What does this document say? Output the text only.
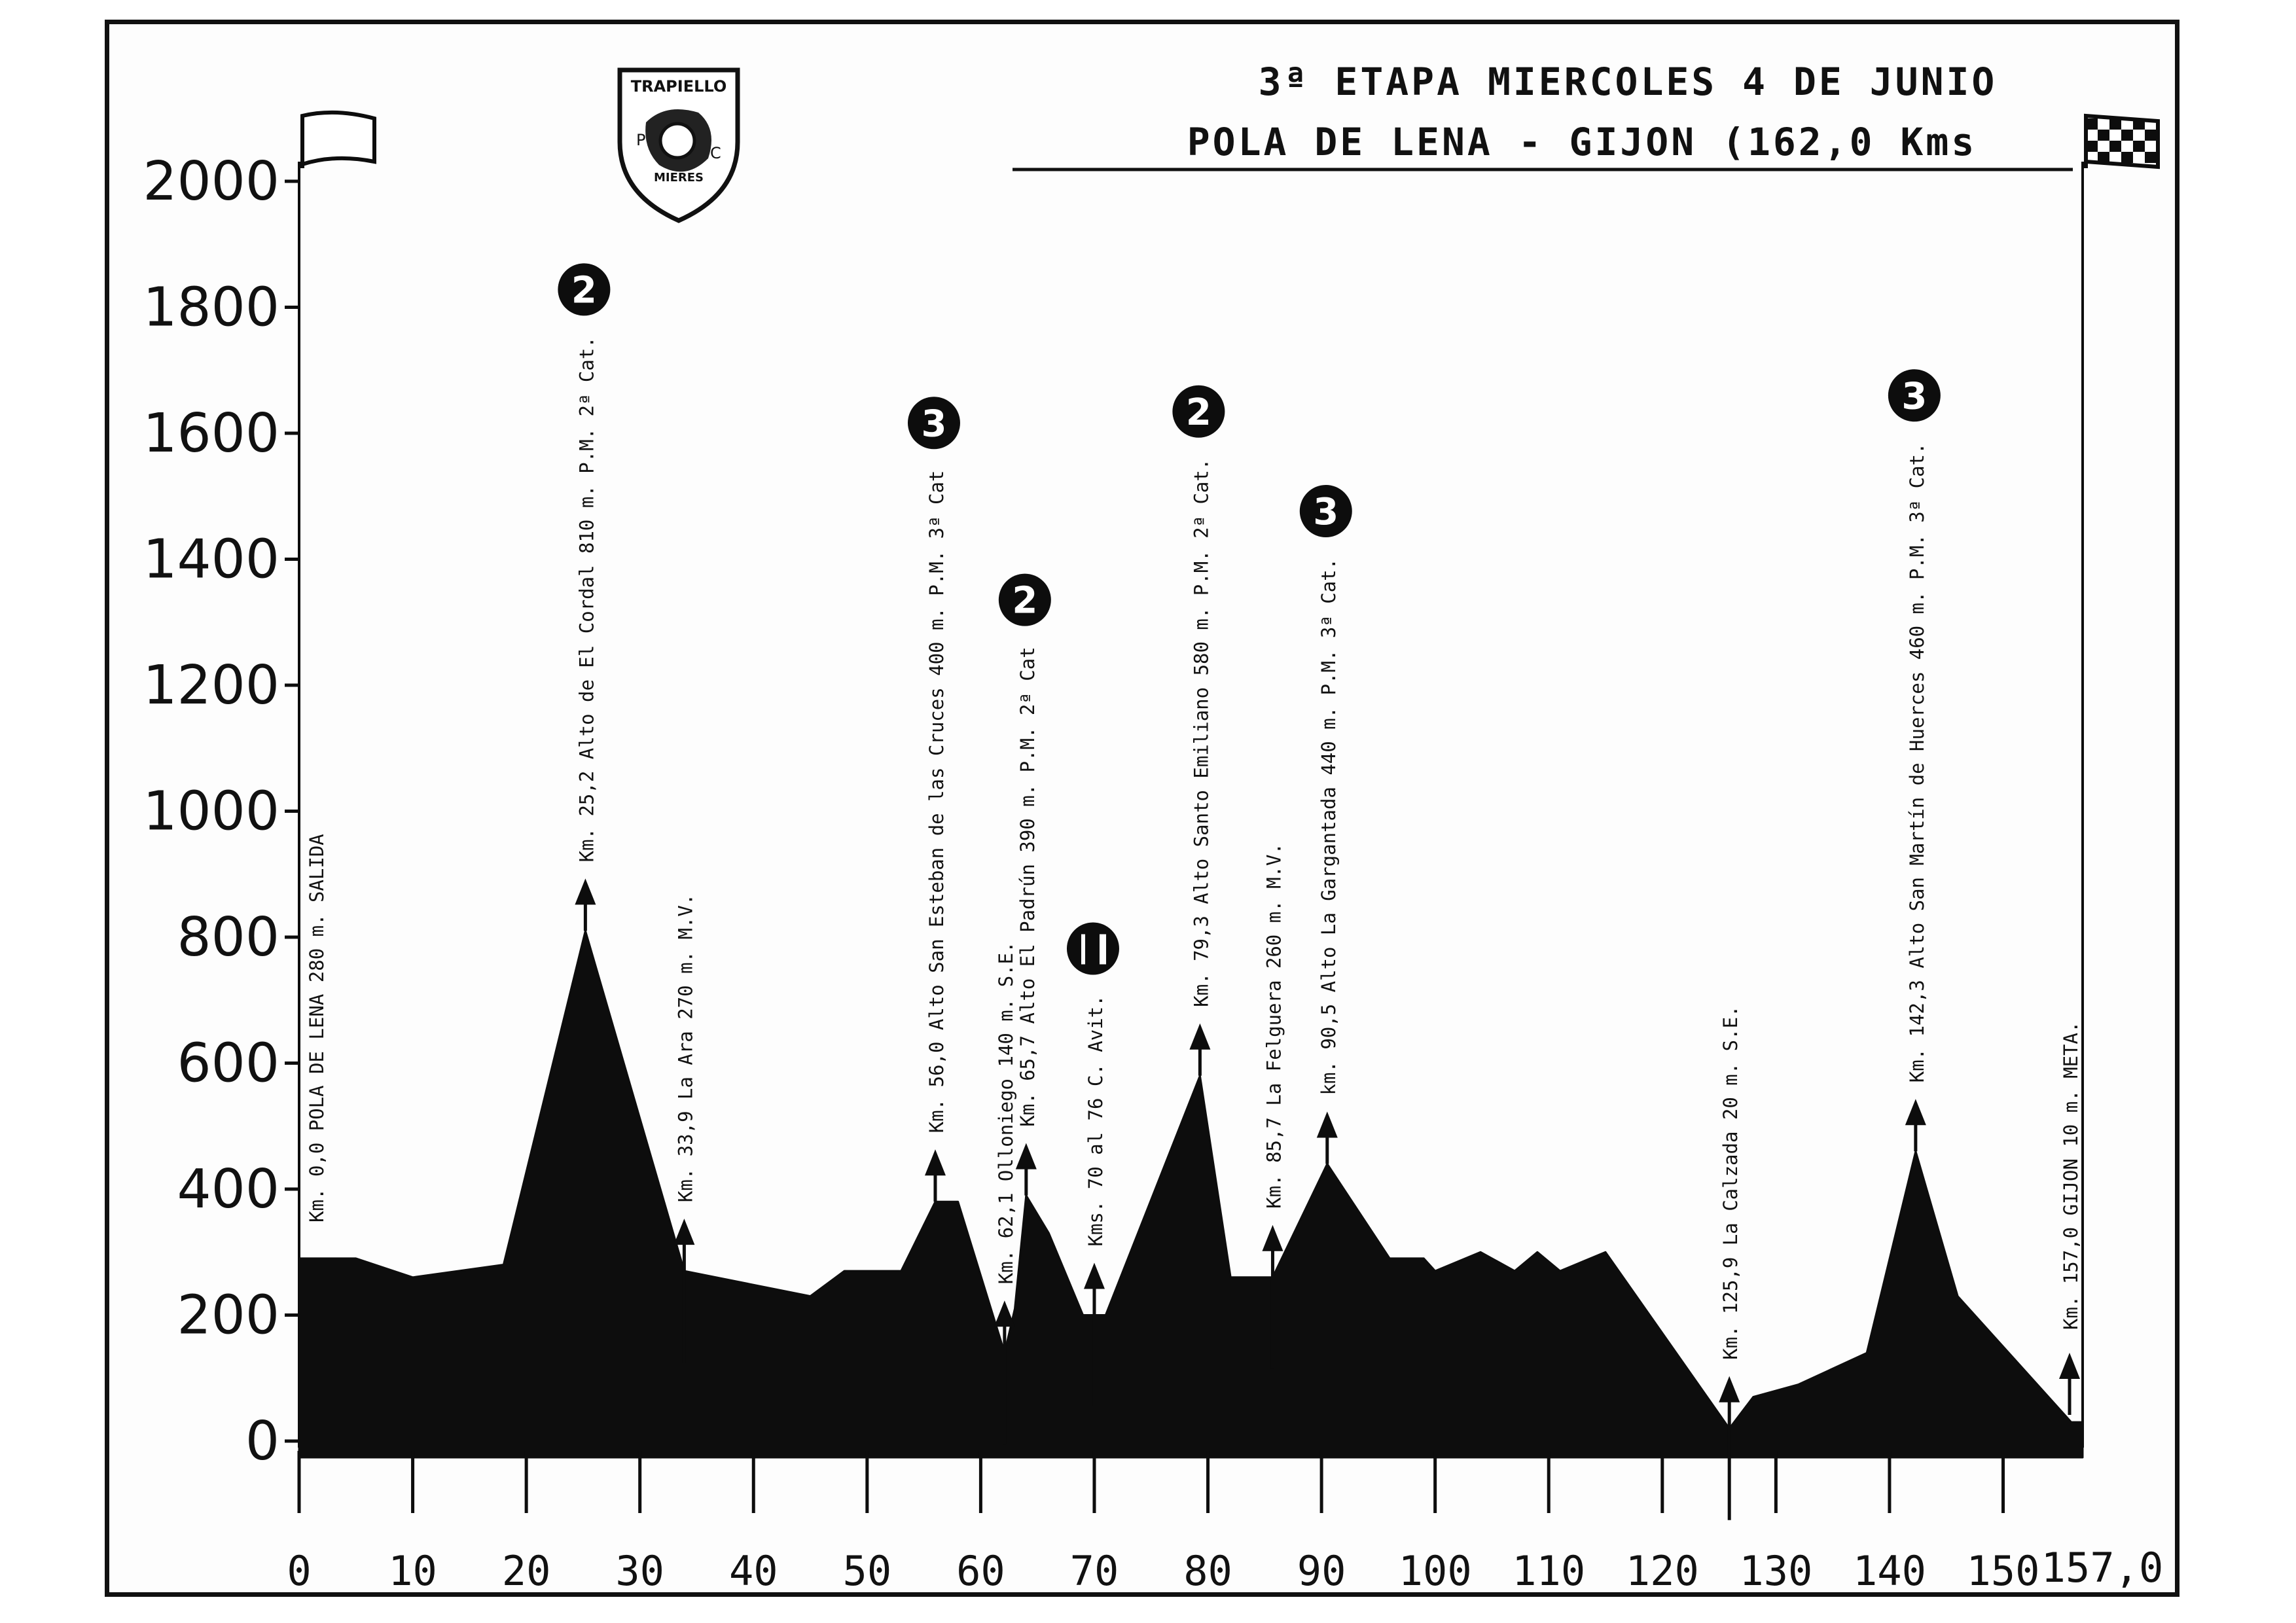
3ª ETAPA MIERCOLES 4 DE JUNIO
POLA DE LENA - GIJON (162,0 Kms
TRAPIELLO
MIERES
P
C
0
200
400
600
800
1000
1200
1400
1600
1800
2000
0 10 20 30 40 50 60 70 80 90 100 110 120 130 140 150 157,0
Km. 0,0 POLA DE LENA 280 m. SALIDA
Km. 25,2 Alto de El Cordal 810 m. P.M. 2ª Cat.
2
Km. 33,9 La Ara 270 m. M.V.	Km. 56,0 Alto San Esteban de las Cruces 400 m. P.M. 3ª Cat
3
Km. 62,1 Olloniego 140 m. S.E.
Km. 65,7 Alto El Padrún 390 m. P.M. 2ª Cat
2
Kms. 70 al 76 C. Avit.
Km. 79,3 Alto Santo Emiliano 580 m. P.M. 2ª Cat.
2
Km. 85,7 La Felguera 260 m. M.V. km. 90,5 Alto La Gargantada 440 m. P.M. 3ª Cat.
3
Km. 125,9 La Calzada 20 m. S.E.
Km. 142,3 Alto San Martín de Huerces 460 m. P.M. 3ª Cat.
3
Km. 157,0 GIJON 10 m. META.
